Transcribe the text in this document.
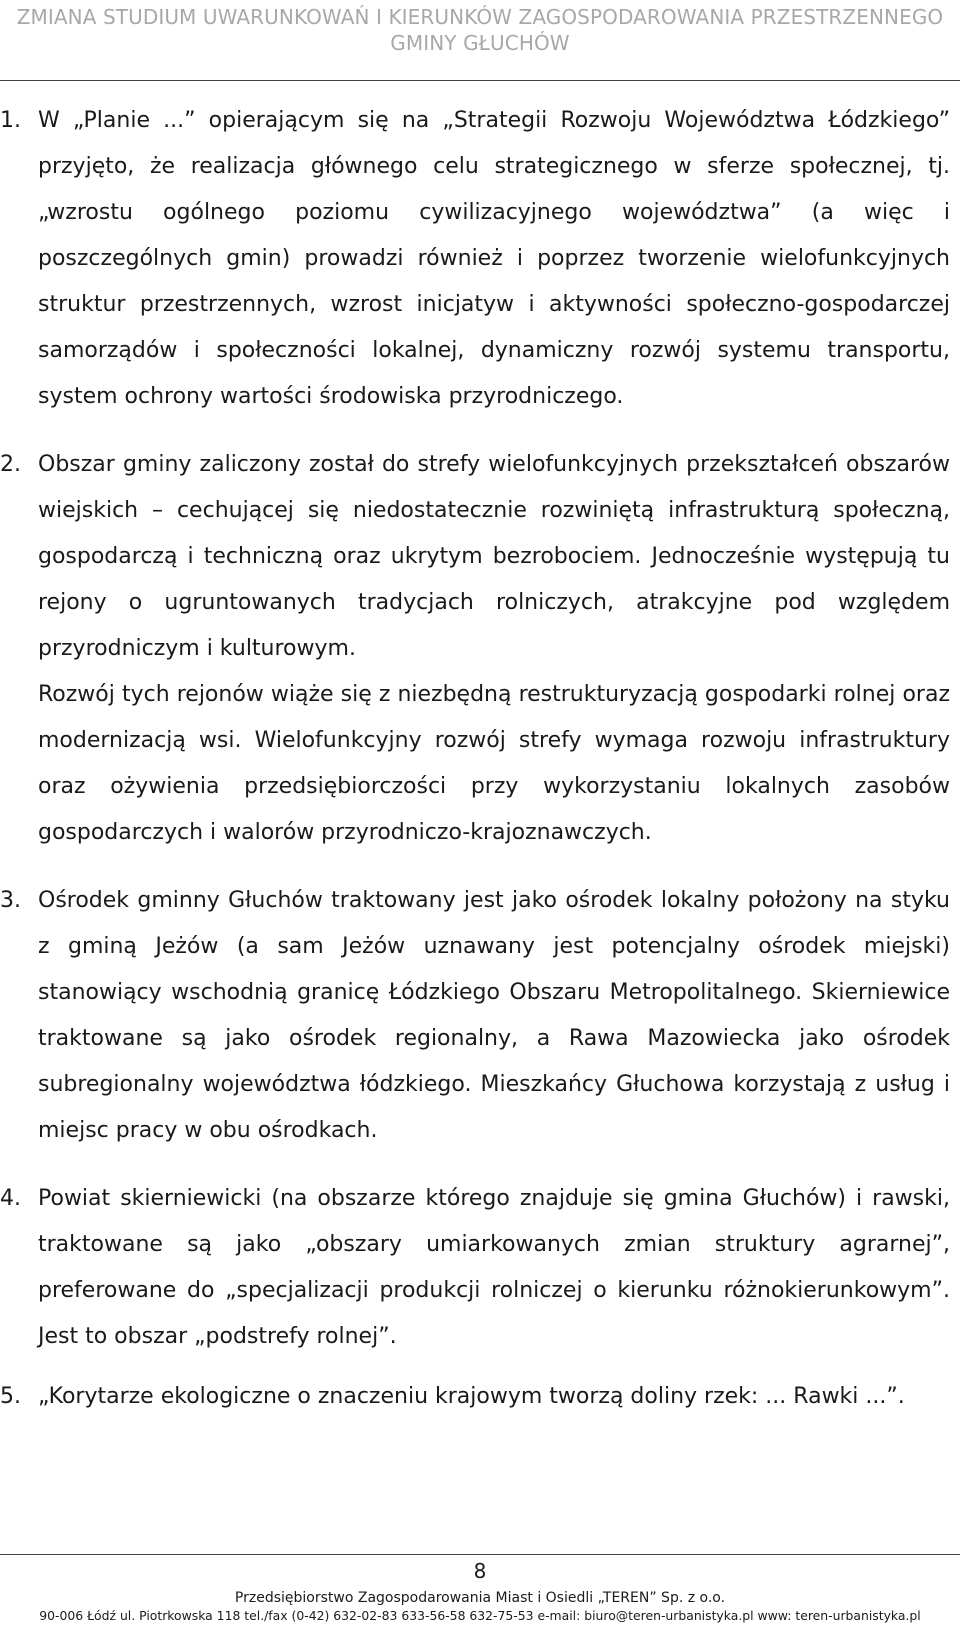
ZMIANA STUDIUM UWARUNKOWAŃ I KIERUNKÓW ZAGOSPODAROWANIA PRZESTRZENNEGO
GMINY GŁUCHÓW
1. W „Planie ...” opierającym się na „Strategii Rozwoju Województwa Łódzkiego” przyjęto, że realizacja głównego celu strategicznego w sferze społecznej, tj. „wzrostu ogólnego poziomu cywilizacyjnego województwa” (a więc i poszczególnych gmin) prowadzi również i poprzez tworzenie wielofunkcyjnych struktur przestrzennych, wzrost inicjatyw i aktywności społeczno-gospodarczej samorządów i społeczności lokalnej, dynamiczny rozwój systemu transportu, system ochrony wartości środowiska przyrodniczego.

2. Obszar gminy zaliczony został do strefy wielofunkcyjnych przekształceń obszarów wiejskich – cechującej się niedostatecznie rozwiniętą infrastrukturą społeczną, gospodarczą i techniczną oraz ukrytym bezrobociem. Jednocześnie występują tu rejony o ugruntowanych tradycjach rolniczych, atrakcyjne pod względem przyrodniczym i kulturowym.

Rozwój tych rejonów wiąże się z niezbędną restrukturyzacją gospodarki rolnej oraz modernizacją wsi. Wielofunkcyjny rozwój strefy wymaga rozwoju infrastruktury oraz ożywienia przedsiębiorczości przy wykorzystaniu lokalnych zasobów gospodarczych i walorów przyrodniczo-krajoznawczych.

3. Ośrodek gminny Głuchów traktowany jest jako ośrodek lokalny położony na styku z gminą Jeżów (a sam Jeżów uznawany jest potencjalny ośrodek miejski) stanowiący wschodnią granicę Łódzkiego Obszaru Metropolitalnego. Skierniewice traktowane są jako ośrodek regionalny, a Rawa Mazowiecka jako ośrodek subregionalny województwa łódzkiego. Mieszkańcy Głuchowa korzystają z usług i miejsc pracy w obu ośrodkach.

4. Powiat skierniewicki (na obszarze którego znajduje się gmina Głuchów) i rawski, traktowane są jako „obszary umiarkowanych zmian struktury agrarnej”, preferowane do „specjalizacji produkcji rolniczej o kierunku różnokierunkowym”. Jest to obszar „podstrefy rolnej”.

5. „Korytarze ekologiczne o znaczeniu krajowym tworzą doliny rzek: ... Rawki ...”.

8
Przedsiębiorstwo Zagospodarowania Miast i Osiedli „TEREN” Sp. z o.o.
90-006 Łódź ul. Piotrkowska 118 tel./fax (0-42) 632-02-83 633-56-58 632-75-53 e-mail: biuro@teren-urbanistyka.pl www: teren-urbanistyka.pl
